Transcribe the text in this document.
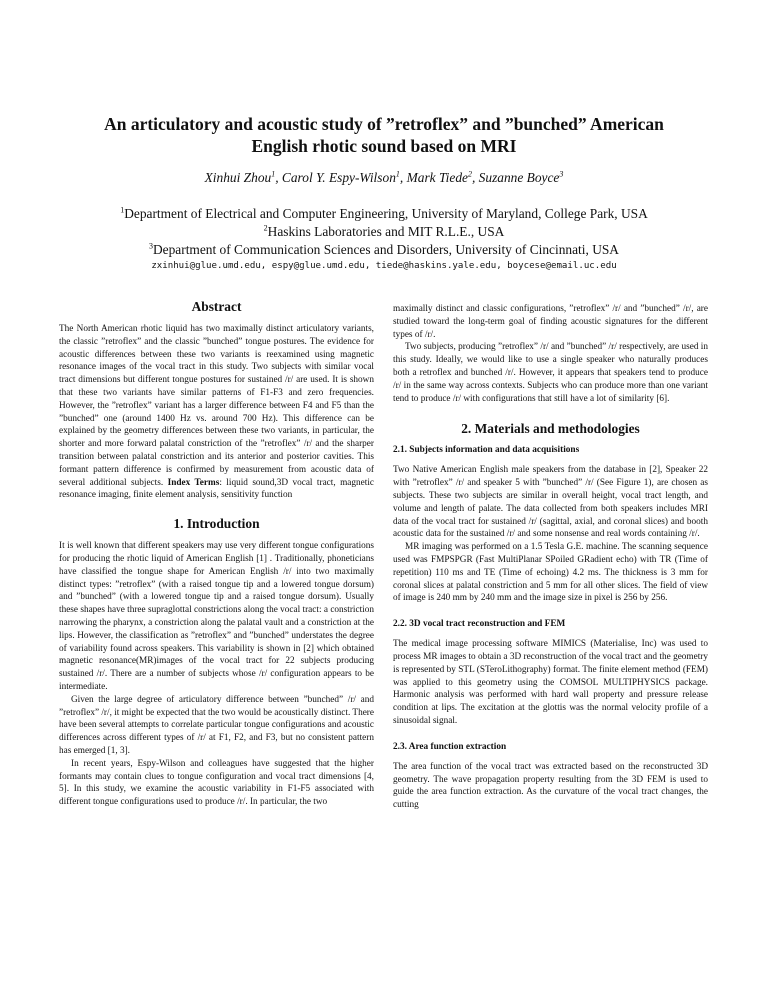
An articulatory and acoustic study of ”retroflex” and ”bunched” American
English rhotic sound based on MRI
Xinhui Zhou$^1$, Carol Y. Espy-Wilson$^1$, Mark Tiede$^2$, Suzanne Boyce$^3$
$^1$Department of Electrical and Computer Engineering, University of Maryland, College Park, USA
$^2$Haskins Laboratories and MIT R.L.E., USA
$^3$Department of Communication Sciences and Disorders, University of Cincinnati, USA
zxinhui@glue.umd.edu, espy@glue.umd.edu, tiede@haskins.yale.edu, boycese@email.uc.edu
Abstract

The North American rhotic liquid has two maximally distinct articulatory variants, the classic ”retroflex” and the classic ”bunched” tongue postures. The evidence for acoustic differences between these two variants is reexamined using magnetic resonance images of the vocal tract in this study. Two subjects with similar vocal tract dimensions but different tongue postures for sustained /r/ are used. It is shown that these two variants have similar patterns of F1-F3 and zero frequencies. However, the ”retroflex” variant has a larger difference between F4 and F5 than the ”bunched” one (around 1400 Hz vs. around 700 Hz). This difference can be explained by the geometry differences between these two variants, in particular, the shorter and more forward palatal constriction of the ”retroflex” /r/ and the sharper transition between palatal constriction and its anterior and posterior cavities. This formant pattern difference is confirmed by measurement from acoustic data of several additional subjects. Index Terms: liquid sound,3D vocal tract, magnetic resonance imaging, finite element analysis, sensitivity function

1. Introduction

It is well known that different speakers may use very different tongue configurations for producing the rhotic liquid of American English [1] . Traditionally, phoneticians have classified the tongue shape for American English /r/ into two maximally distinct types: ”retroflex” (with a raised tongue tip and a lowered tongue dorsum) and ”bunched” (with a lowered tongue tip and a raised tongue dorsum). Usually these shapes have three supraglottal constrictions along the vocal tract: a constriction narrowing the pharynx, a constriction along the palatal vault and a constriction at the lips. However, the classification as ”retroflex” and ”bunched” understates the degree of variability found across speakers. This variability is shown in [2] which obtained magnetic resonance(MR)images of the vocal tract for 22 subjects producing sustained /r/. There are a number of subjects whose /r/ configuration appears to be intermediate.

Given the large degree of articulatory difference between ”bunched” /r/ and ”retroflex” /r/, it might be expected that the two would be acoustically distinct. There have been several attempts to correlate particular tongue configurations and acoustic differences across different types of /r/ at F1, F2, and F3, but no consistent pattern has emerged [1, 3].

In recent years, Espy-Wilson and colleagues have suggested that the higher formants may contain clues to tongue configuration and vocal tract dimensions [4, 5]. In this study, we examine the acoustic variability in F1-F5 associated with different tongue configurations used to produce /r/. In particular, the two

maximally distinct and classic configurations, ”retroflex” /r/ and ”bunched” /r/, are studied toward the long-term goal of finding acoustic signatures for the different types of /r/.

Two subjects, producing ”retroflex” /r/ and ”bunched” /r/ respectively, are used in this study. Ideally, we would like to use a single speaker who naturally produces both a retroflex and bunched /r/. However, it appears that speakers tend to produce /r/ in the same way across contexts. Subjects who can produce more than one variant tend to produce /r/ with configurations that still have a lot of similarity [6].

2. Materials and methodologies
2.1. Subjects information and data acquisitions

Two Native American English male speakers from the database in [2], Speaker 22 with ”retroflex” /r/ and speaker 5 with ”bunched” /r/ (See Figure 1), are chosen as subjects. These two subjects are similar in overall height, vocal tract length, and volume and length of palate. The data collected from both speakers includes MRI data of the vocal tract for sustained /r/ (sagittal, axial, and coronal slices) and booth acoustic data for the sustained /r/ and some nonsense and real words containing /r/.

MR imaging was performed on a 1.5 Tesla G.E. machine. The scanning sequence used was FMPSPGR (Fast MultiPlanar SPoiled GRadient echo) with TR (Time of repetition) 110 ms and TE (Time of echoing) 4.2 ms. The thickness is 3 mm for coronal slices at palatal constriction and 5 mm for all other slices. The field of view of image is 240 mm by 240 mm and the image size in pixel is 256 by 256.

2.2. 3D vocal tract reconstruction and FEM

The medical image processing software MIMICS (Materialise, Inc) was used to process MR images to obtain a 3D reconstruction of the vocal tract and the geometry is represented by STL (STeroLithography) format. The finite element method (FEM) was applied to this geometry using the COMSOL MULTIPHYSICS package. Harmonic analysis was performed with hard wall property and pressure release condition at lips. The excitation at the glottis was the normal velocity profile of a sinusoidal signal.

2.3. Area function extraction

The area function of the vocal tract was extracted based on the reconstructed 3D geometry. The wave propagation property resulting from the 3D FEM is used to guide the area function extraction. As the curvature of the vocal tract changes, the cutting
